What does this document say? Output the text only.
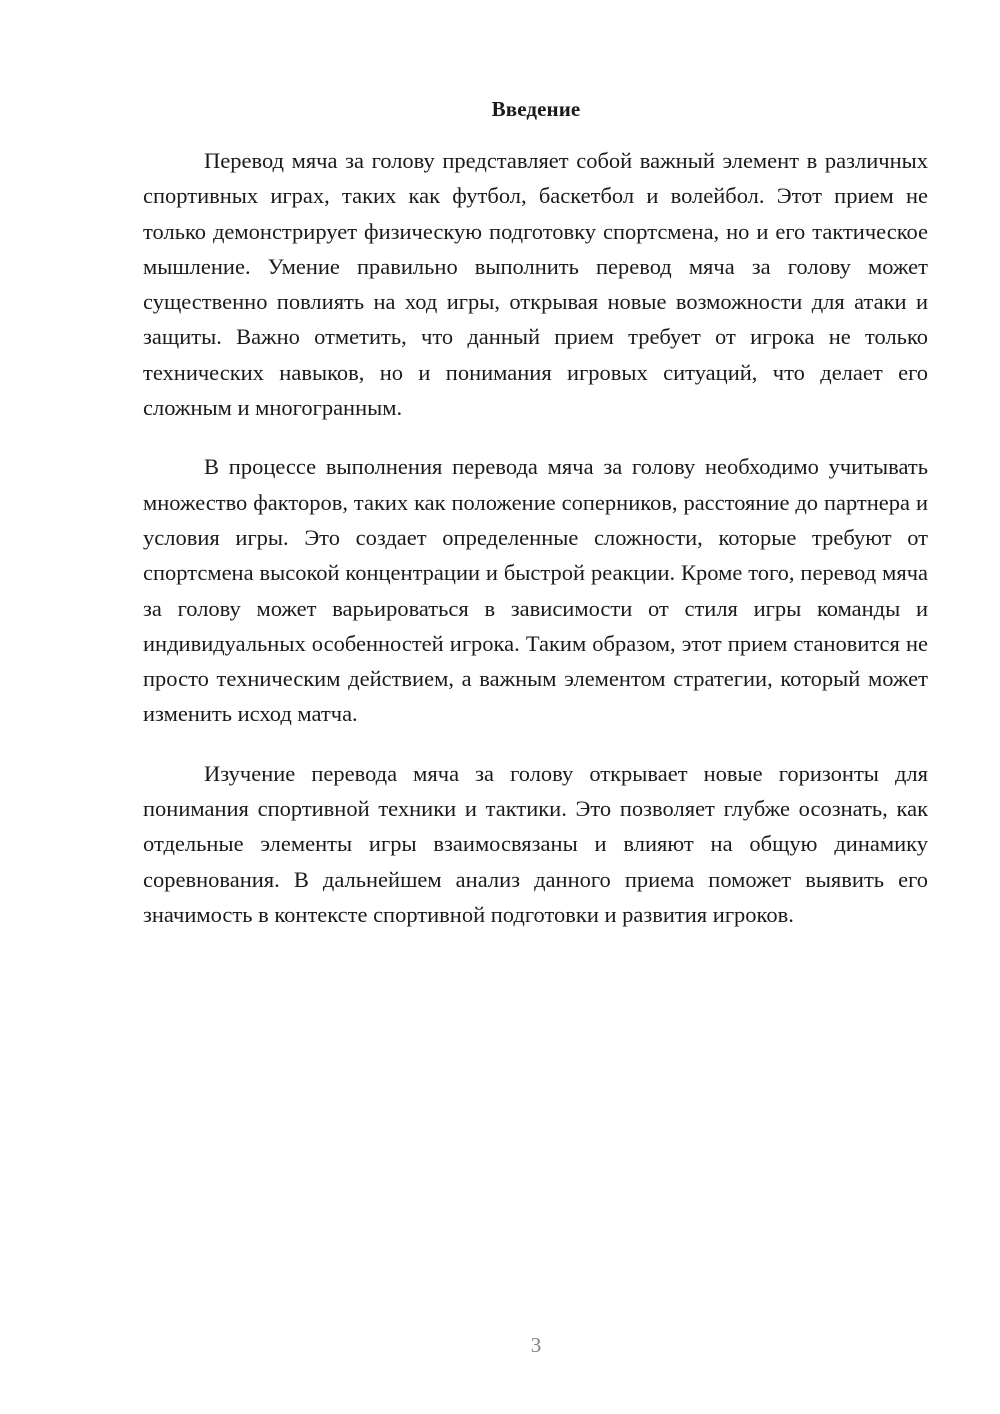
Введение

Перевод мяча за голову представляет собой важный элемент в различных спортивных играх, таких как футбол, баскетбол и волейбол. Этот прием не только демонстрирует физическую подготовку спортсмена, но и его тактическое мышление. Умение правильно выполнить перевод мяча за голову может существенно повлиять на ход игры, открывая новые возможности для атаки и защиты. Важно отметить, что данный прием требует от игрока не только технических навыков, но и понимания игровых ситуаций, что делает его сложным и многогранным.

В процессе выполнения перевода мяча за голову необходимо учитывать множество факторов, таких как положение соперников, расстояние до партнера и условия игры. Это создает определенные сложности, которые требуют от спортсмена высокой концентрации и быстрой реакции. Кроме того, перевод мяча за голову может варьироваться в зависимости от стиля игры команды и индивидуальных особенностей игрока. Таким образом, этот прием становится не просто техническим действием, а важным элементом стратегии, который может изменить исход матча.

Изучение перевода мяча за голову открывает новые горизонты для понимания спортивной техники и тактики. Это позволяет глубже осознать, как отдельные элементы игры взаимосвязаны и влияют на общую динамику соревнования. В дальнейшем анализ данного приема поможет выявить его значимость в контексте спортивной подготовки и развития игроков.

3
